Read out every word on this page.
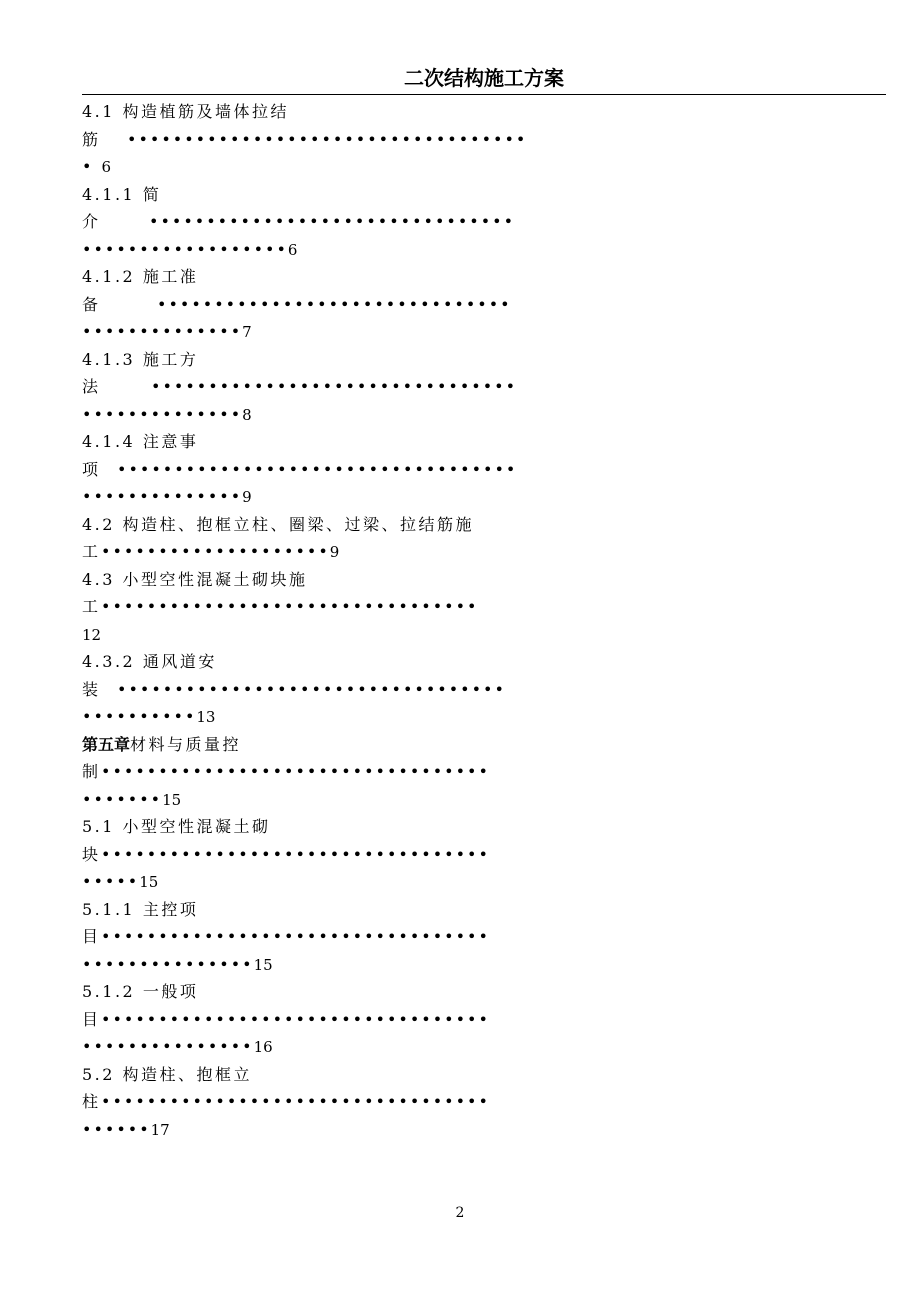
二次结构施工方案
4.1 构造植筋及墙体拉结
筋 •••••••••••••••••••••••••••••••••••
• 6
4.1.1 简
介	••••••••••••••••••••••••••••••••
••••••••••••••••••6
4.1.2 施工准
备	•••••••••••••••••••••••••••••••
••••••••••••••7
4.1.3 施工方
法	••••••••••••••••••••••••••••••••
••••••••••••••8
4.1.4 注意事
项 •••••••••••••••••••••••••••••••••••
••••••••••••••9
4.2 构造柱、抱框立柱、圈梁、过梁、拉结筋施
工••••••••••••••••••••9
4.3 小型空性混凝土砌块施
工•••••••••••••••••••••••••••••••••
12
4.3.2 通风道安
装 ••••••••••••••••••••••••••••••••••
••••••••••13
第五章材料与质量控
制••••••••••••••••••••••••••••••••••
•••••••15
5.1 小型空性混凝土砌
块••••••••••••••••••••••••••••••••••
•••••15
5.1.1 主控项
目••••••••••••••••••••••••••••••••••
•••••••••••••••15
5.1.2 一般项
目••••••••••••••••••••••••••••••••••
•••••••••••••••16
5.2 构造柱、抱框立
柱••••••••••••••••••••••••••••••••••
••••••17
2
